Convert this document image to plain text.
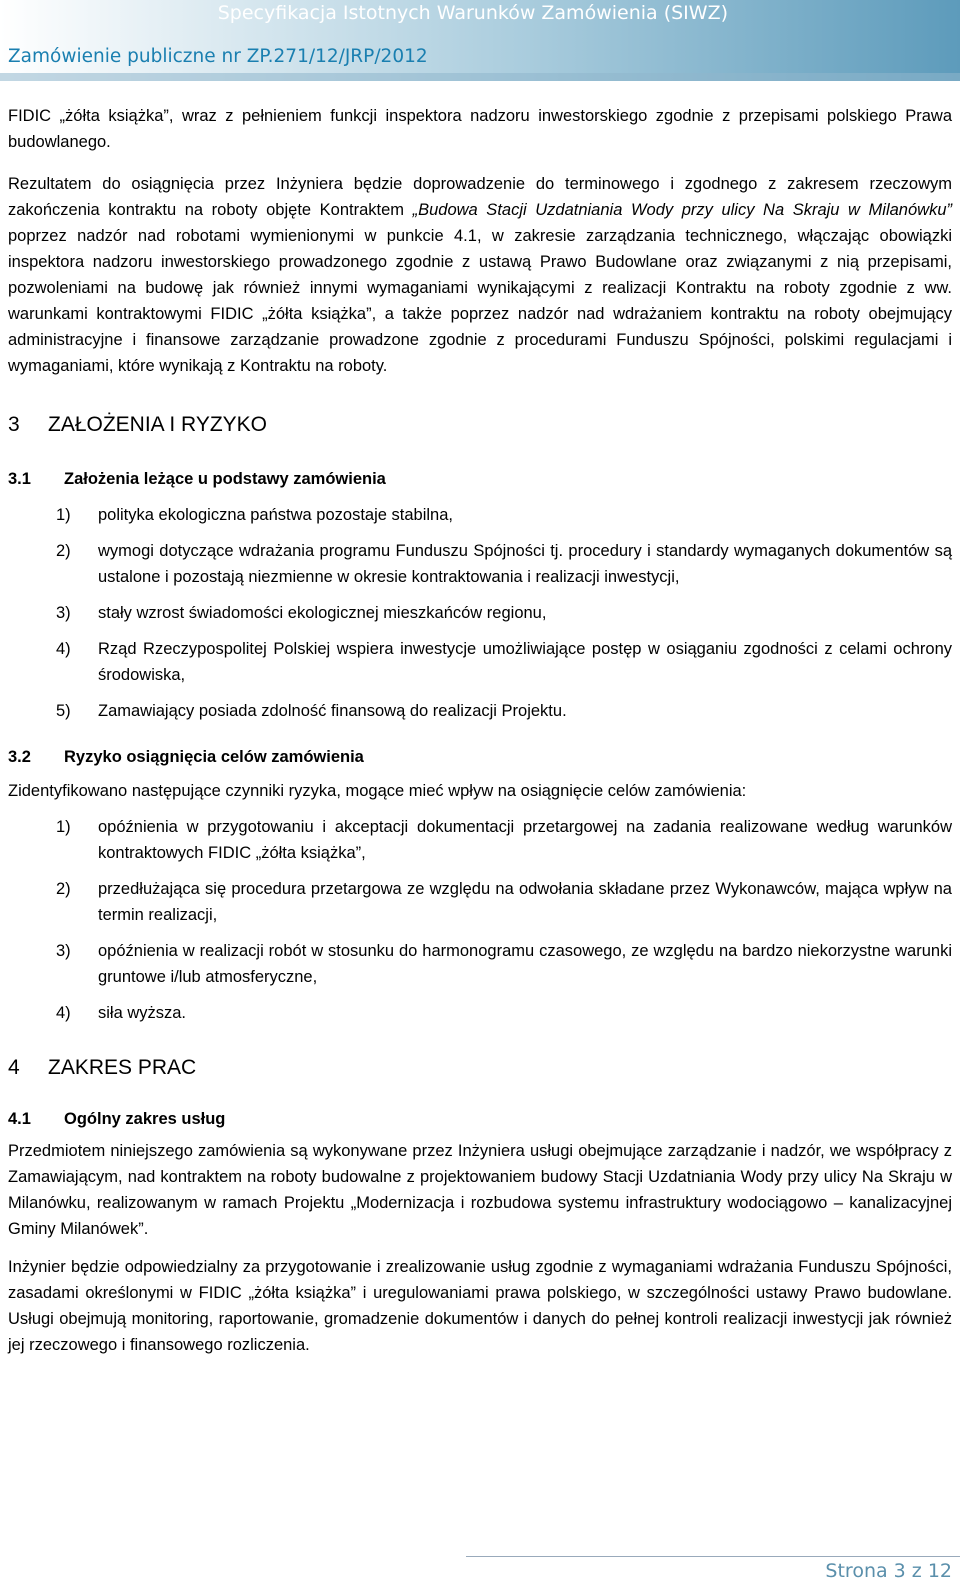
Specyfikacja Istotnych Warunków Zamówienia (SIWZ)
Zamówienie publiczne nr ZP.271/12/JRP/2012

FIDIC „żółta książka”, wraz z pełnieniem funkcji inspektora nadzoru inwestorskiego zgodnie z przepisami polskiego Prawa budowlanego.

Rezultatem do osiągnięcia przez Inżyniera będzie doprowadzenie do terminowego i zgodnego z zakresem rzeczowym zakończenia kontraktu na roboty objęte Kontraktem „Budowa Stacji Uzdatniania Wody przy ulicy Na Skraju w Milanówku” poprzez nadzór nad robotami wymienionymi w punkcie 4.1, w zakresie zarządzania technicznego, włączając obowiązki inspektora nadzoru inwestorskiego prowadzonego zgodnie z ustawą Prawo Budowlane oraz związanymi z nią przepisami, pozwoleniami na budowę jak również innymi wymaganiami wynikającymi z realizacji Kontraktu na roboty zgodnie z ww. warunkami kontraktowymi FIDIC „żółta książka”, a także poprzez nadzór nad wdrażaniem kontraktu na roboty obejmujący administracyjne i finansowe zarządzanie prowadzone zgodnie z procedurami Funduszu Spójności, polskimi regulacjami i wymaganiami, które wynikają z Kontraktu na roboty.

3 ZAŁOŻENIA I RYZYKO
3.1 Założenia leżące u podstawy zamówienia
1) polityka ekologiczna państwa pozostaje stabilna,
2) wymogi dotyczące wdrażania programu Funduszu Spójności tj. procedury i standardy wymaganych dokumentów są ustalone i pozostają niezmienne w okresie kontraktowania i realizacji inwestycji,
3) stały wzrost świadomości ekologicznej mieszkańców regionu,
4) Rząd Rzeczypospolitej Polskiej wspiera inwestycje umożliwiające postęp w osiąganiu zgodności z celami ochrony środowiska,
5) Zamawiający posiada zdolność finansową do realizacji Projektu.
3.2 Ryzyko osiągnięcia celów zamówienia

Zidentyfikowano następujące czynniki ryzyka, mogące mieć wpływ na osiągnięcie celów zamówienia:

1) opóźnienia w przygotowaniu i akceptacji dokumentacji przetargowej na zadania realizowane według warunków kontraktowych FIDIC „żółta książka”,
2) przedłużająca się procedura przetargowa ze względu na odwołania składane przez Wykonawców, mająca wpływ na termin realizacji,
3) opóźnienia w realizacji robót w stosunku do harmonogramu czasowego, ze względu na bardzo niekorzystne warunki gruntowe i/lub atmosferyczne,
4) siła wyższa.
4 ZAKRES PRAC
4.1 Ogólny zakres usług

Przedmiotem niniejszego zamówienia są wykonywane przez Inżyniera usługi obejmujące zarządzanie i nadzór, we współpracy z Zamawiającym, nad kontraktem na roboty budowalne z projektowaniem budowy Stacji Uzdatniania Wody przy ulicy Na Skraju w Milanówku, realizowanym w ramach Projektu „Modernizacja i rozbudowa systemu infrastruktury wodociągowo – kanalizacyjnej Gminy Milanówek”.

Inżynier będzie odpowiedzialny za przygotowanie i zrealizowanie usług zgodnie z wymaganiami wdrażania Funduszu Spójności, zasadami określonymi w FIDIC „żółta książka” i uregulowaniami prawa polskiego, w szczególności ustawy Prawo budowlane. Usługi obejmują monitoring, raportowanie, gromadzenie dokumentów i danych do pełnej kontroli realizacji inwestycji jak również jej rzeczowego i finansowego rozliczenia.

Strona 3 z 12
